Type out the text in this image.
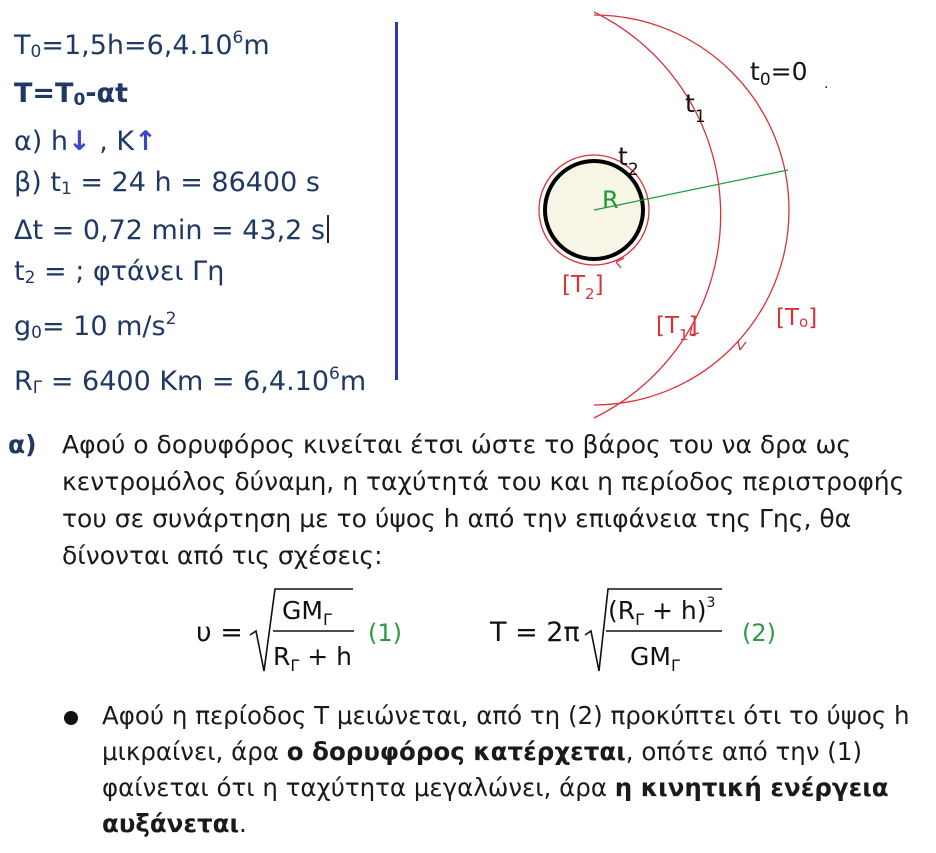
$T_0=1,5h=6,4.10^6m$
$T=T_0-\alpha t$
α) h↓ , K↑
β) $t_1 = 24$ h = 86400 s
Δt = 0,72 min = 43,2 s
$t_2$ = ; φτάνει Γη
$g_0= 10$ $m/s^2$
$R_\Gamma = 6400$ $Km = 6,4.10^6m$
$t_0=0$ .
$t_1$
$t_2$
R
$[T_2]$
$[T_1]$	[To]
α) Αφού ο δορυφόρος κινείται έτσι ώστε το βάρος του να δρα ως κεντρομόλος δύναμη, η ταχύτητά του και η περίοδος περιστροφής του σε συνάρτηση με το ύψος h από την επιφάνεια της Γης, θα δίνονται από τις σχέσεις:
υ =
$GM_\Gamma$
$R_\Gamma + h$
(1)	T = 2π
$(R_\Gamma + h)^3$
$GM_\Gamma$
(2)
Αφού η περίοδος T μειώνεται, από τη (2) προκύπτει ότι το ύψος h μικραίνει, άρα ο δορυφόρος κατέρχεται, οπότε από την (1) φαίνεται ότι η ταχύτητα μεγαλώνει, άρα η κινητική ενέργεια αυξάνεται.
